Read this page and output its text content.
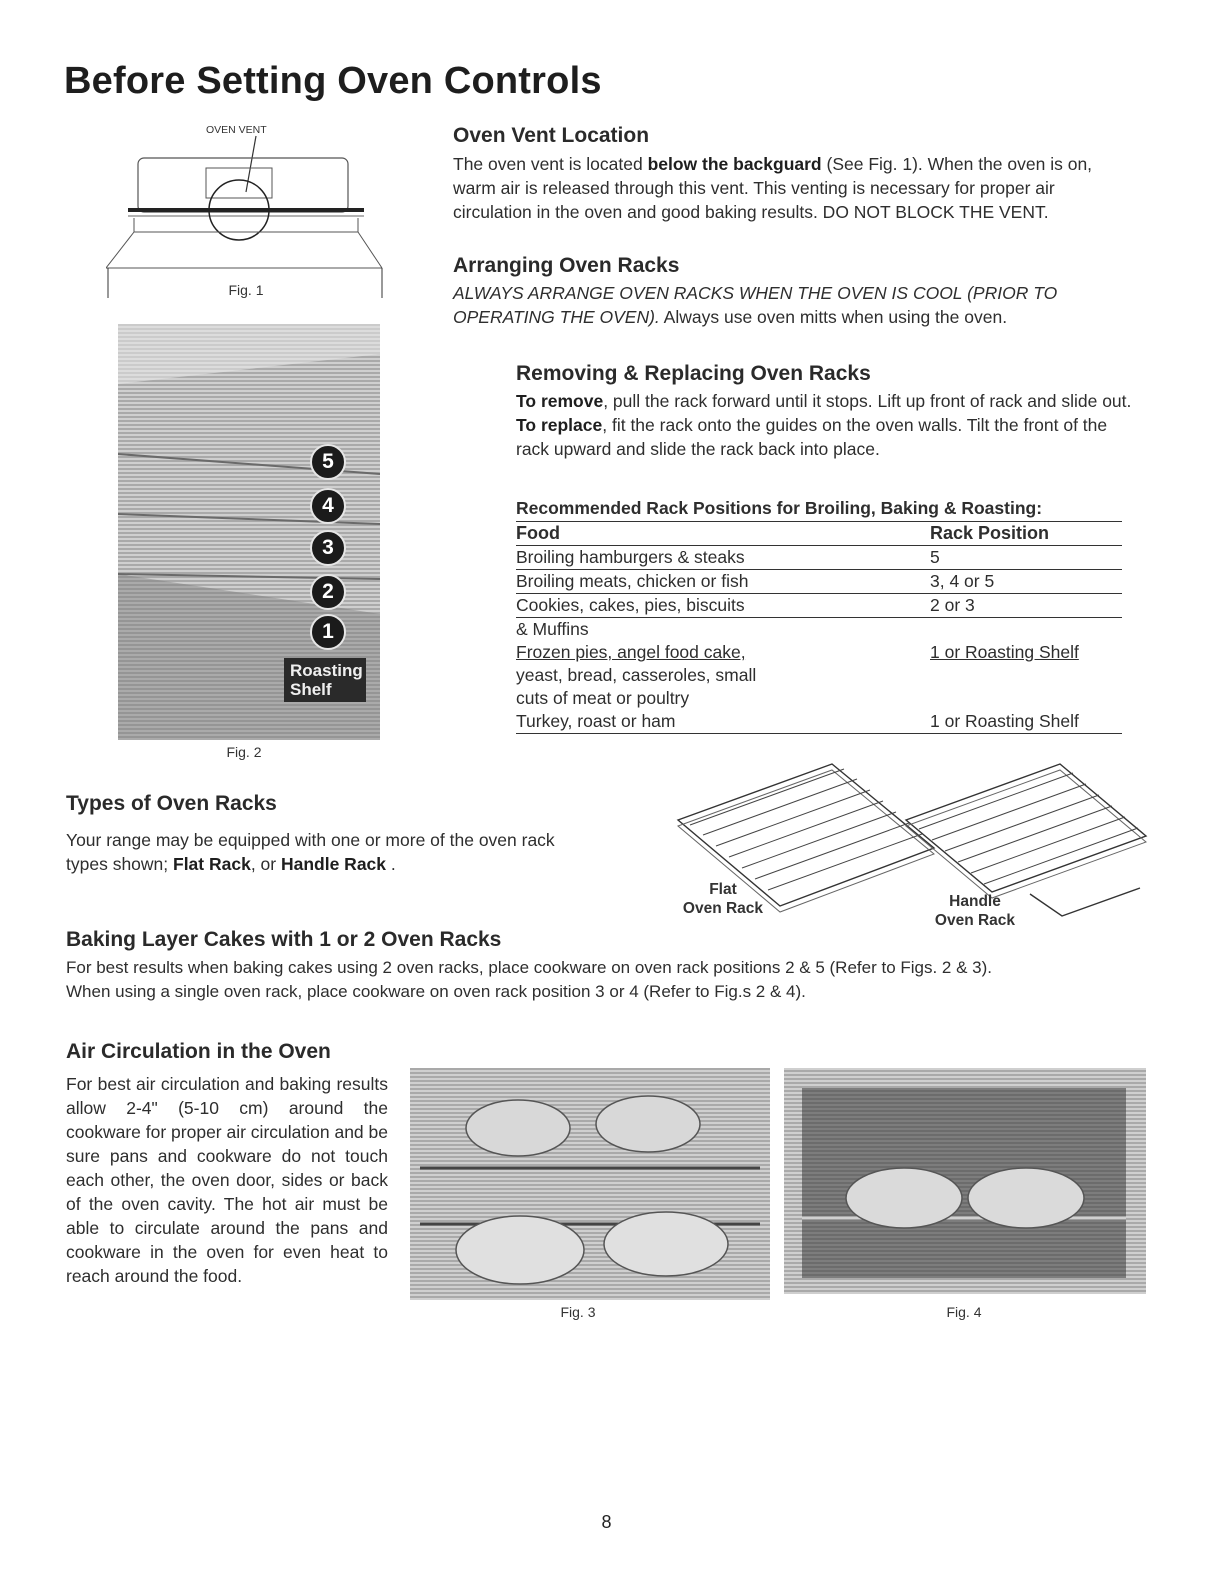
Before Setting Oven Controls
OVEN VENT
Fig. 1
5
4
3
2
1
Roasting
Shelf
Fig. 2
Oven Vent Location
The oven vent is located below the backguard (See Fig. 1). When the oven is on, warm air is released through this vent. This venting is necessary for proper air circulation in the oven and good baking results. DO NOT BLOCK THE VENT.
Arranging Oven Racks
ALWAYS ARRANGE OVEN RACKS WHEN THE OVEN IS COOL (PRIOR TO OPERATING THE OVEN). Always use oven mitts when using the oven.
Removing & Replacing Oven Racks
To remove, pull the rack forward until it stops. Lift up front of rack and slide out. To replace, fit the rack onto the guides on the oven walls. Tilt the front of the rack upward and slide the rack back into place.
Recommended Rack Positions for Broiling, Baking & Roasting:
Food	Rack Position
Broiling hamburgers & steaks	5
Broiling meats, chicken or fish	3, 4 or 5
Cookies, cakes, pies, biscuits	2 or 3
& Muffins
Frozen pies, angel food cake,	1 or Roasting Shelf
yeast, bread, casseroles, small
cuts of meat or poultry
Turkey, roast or ham	1 or Roasting Shelf
Types of Oven Racks
Your range may be equipped with one or more of the oven rack types shown; Flat Rack, or Handle Rack .
Flat
Oven Rack	Handle
Oven Rack
Baking Layer Cakes with 1 or 2 Oven Racks
For best results when baking cakes using 2 oven racks, place cookware on oven rack positions 2 & 5 (Refer to Figs. 2 & 3).
When using a single oven rack, place cookware on oven rack position 3 or 4 (Refer to Fig.s 2 & 4).
Air Circulation in the Oven
For best air circulation and baking results allow 2-4" (5-10 cm) around the cookware for proper air circulation and be sure pans and cookware do not touch each other, the oven door, sides or back of the oven cavity. The hot air must be able to circulate around the pans and cookware in the oven for even heat to reach around the food.
Fig. 3	Fig. 4
8
